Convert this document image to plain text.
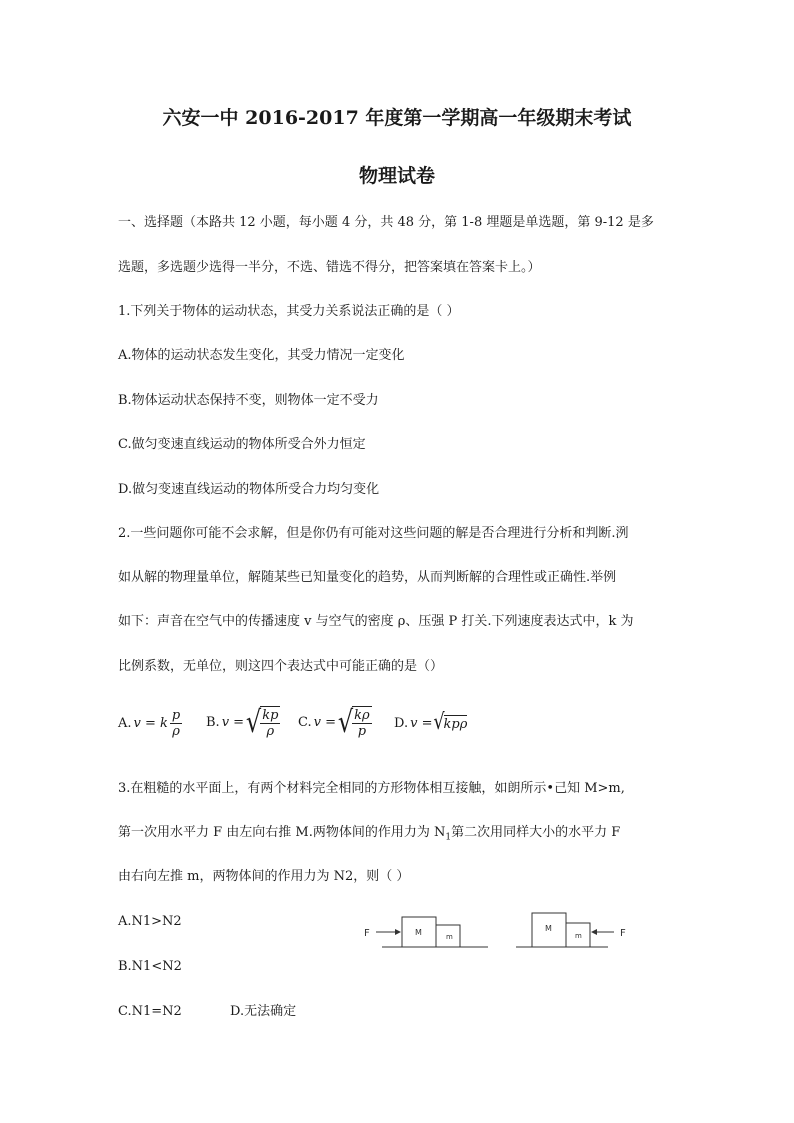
六安一中 2016-2017 年度第一学期高一年级期末考试
物理试卷
一、选择题（本路共 12 小题，每小题 4 分，共 48 分，第 1-8 埋题是单选题，第 9-12 是多
选题，多选题少选得一半分，不选、错选不得分，把答案填在答案卡上。）
1.下列关于物体的运动状态，其受力关系说法正确的是（ ）
A.物体的运动状态发生变化，其受力情况一定变化
B.物体运动状态保持不变，则物体一定不受力
C.做匀变速直线运动的物体所受合外力恒定
D.做匀变速直线运动的物体所受合力均匀变化
2.一些问题你可能不会求解，但是你仍有可能对这些问题的解是否合理进行分析和判断.洌
如从解的物理量单位，解随某些已知量变化的趋势，从而判断解的合理性或正确性.举例
如下：声音在空气中的传播速度 v 与空气的密度 ρ、压强 P 打关.下列速度表达式中，k 为
比例系数，无单位，则这四个表达式中可能正确的是（）
A. v = k $\frac{p}{\rho} B$. v = √
$\frac{kp}{\rho} C$. v = √
$\frac{k\rho}{p} D$. v = √
kpρ
3.在粗糙的水平面上，有两个材料完全相同的方形物体相互接触，如朗所示•己知 M>m,
第一次用水平力 F 由左向右推 M.两物体间的作用力为 $N_1$第二次用同样大小的水平力 F
由右向左推 m，两物体间的作用力为 N2，则（ ）
A.N1>N2
B.N1<N2
C.N1=N2	D.无法确定
F	M	m	F
M
m
